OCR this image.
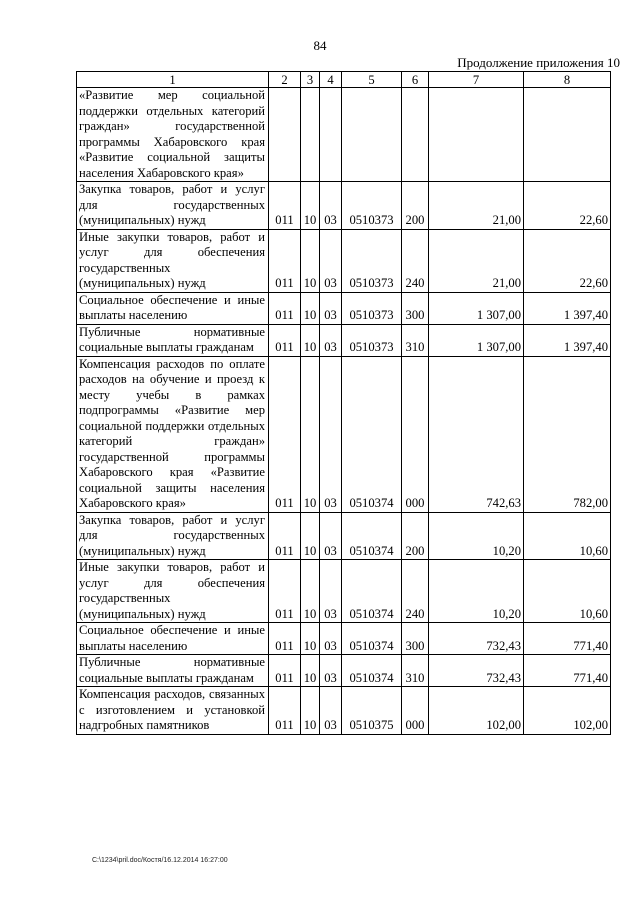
84
Продолжение приложения 10
1	2	3	4	5	6	7	8
«Развитие мер социальной поддержки отдельных категорий граждан» государственной программы Хабаровского края «Развитие социальной защиты населения Хабаровского края»							
Закупка товаров, работ и услуг для государственных (муниципальных) нужд	011	10	03	0510373	200	21,00	22,60
Иные закупки товаров, работ и услуг для обеспечения государственных (муниципальных) нужд	011	10	03	0510373	240	21,00	22,60
Социальное обеспечение и иные выплаты населению	011	10	03	0510373	300	1 307,00	1 397,40
Публичные нормативные социальные выплаты гражданам	011	10	03	0510373	310	1 307,00	1 397,40
Компенсация расходов по оплате расходов на обучение и проезд к месту учебы в рамках подпрограммы «Развитие мер социальной поддержки отдельных категорий граждан» государственной программы Хабаровского края «Развитие социальной защиты населения Хабаровского края»	011	10	03	0510374	000	742,63	782,00
Закупка товаров, работ и услуг для государственных (муниципальных) нужд	011	10	03	0510374	200	10,20	10,60
Иные закупки товаров, работ и услуг для обеспечения государственных (муниципальных) нужд	011	10	03	0510374	240	10,20	10,60
Социальное обеспечение и иные выплаты населению	011	10	03	0510374	300	732,43	771,40
Публичные нормативные социальные выплаты гражданам	011	10	03	0510374	310	732,43	771,40
Компенсация расходов, связанных с изготовлением и установкой надгробных памятников	011	10	03	0510375	000	102,00	102,00
C:\1234\pril.doc/Костя/16.12.2014 16:27:00
